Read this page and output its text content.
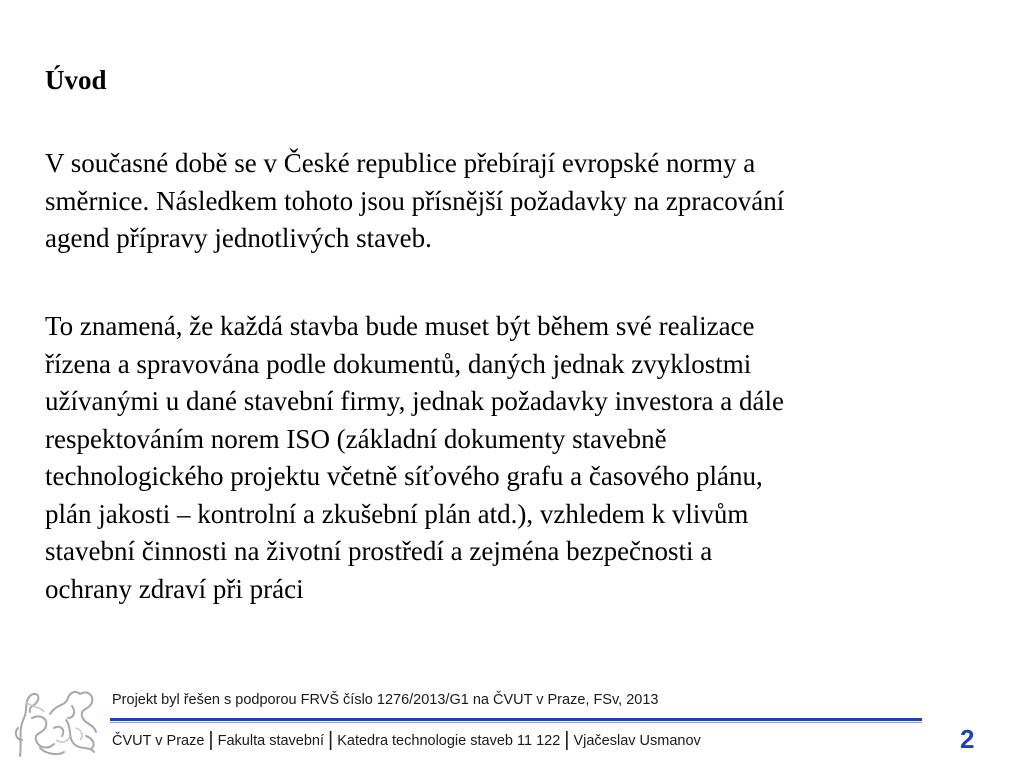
Úvod

V současné době se v České republice přebírají evropské normy a
směrnice. Následkem tohoto jsou přísnější požadavky na zpracování
agend přípravy jednotlivých staveb.

To znamená, že každá stavba bude muset být během své realizace
řízena a spravována podle dokumentů, daných jednak zvyklostmi
užívanými u dané stavební firmy, jednak požadavky investora a dále
respektováním norem ISO (základní dokumenty stavebně
technologického projektu včetně síťového grafu a časového plánu,
plán jakosti – kontrolní a zkušební plán atd.), vzhledem k vlivům
stavební činnosti na životní prostředí a zejména bezpečnosti a
ochrany zdraví při práci

Projekt byl řešen s podporou FRVŠ číslo 1276/2013/G1 na ČVUT v Praze, FSv, 2013
ČVUT v Praze | Fakulta stavební | Katedra technologie staveb 11 122 | Vjačeslav Usmanov	2
